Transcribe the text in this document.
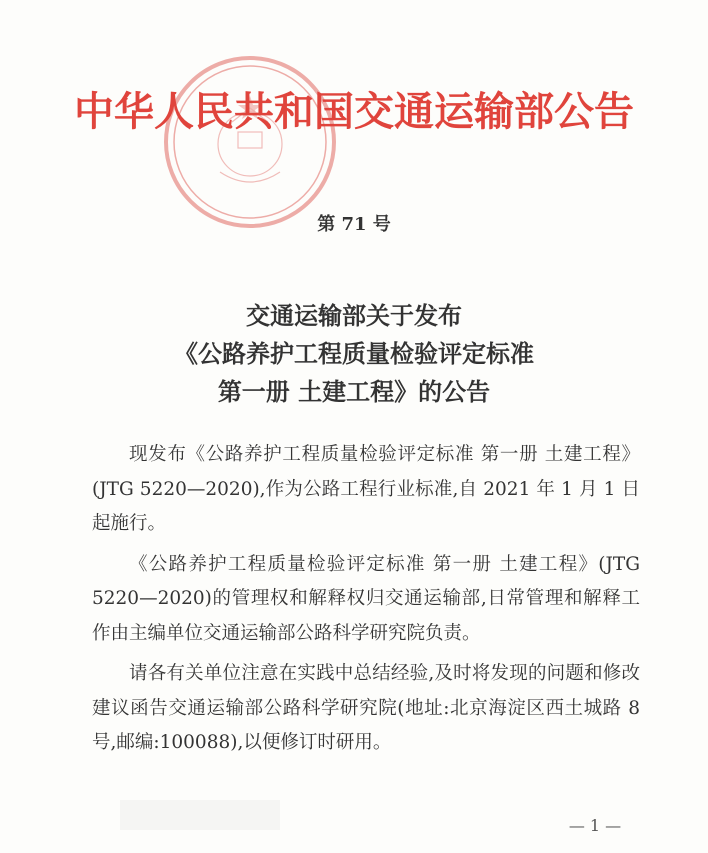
中华人民共和国交通运输部公告
第 71 号
交通运输部关于发布
《公路养护工程质量检验评定标准
第一册 土建工程》的公告

现发布《公路养护工程质量检验评定标准 第一册 土建工程》(JTG 5220—2020),作为公路工程行业标准,自 2021 年 1 月 1 日起施行。

《公路养护工程质量检验评定标准 第一册 土建工程》(JTG 5220—2020)的管理权和解释权归交通运输部,日常管理和解释工作由主编单位交通运输部公路科学研究院负责。

请各有关单位注意在实践中总结经验,及时将发现的问题和修改建议函告交通运输部公路科学研究院(地址:北京海淀区西土城路 8 号,邮编:100088),以便修订时研用。

— 1 —
